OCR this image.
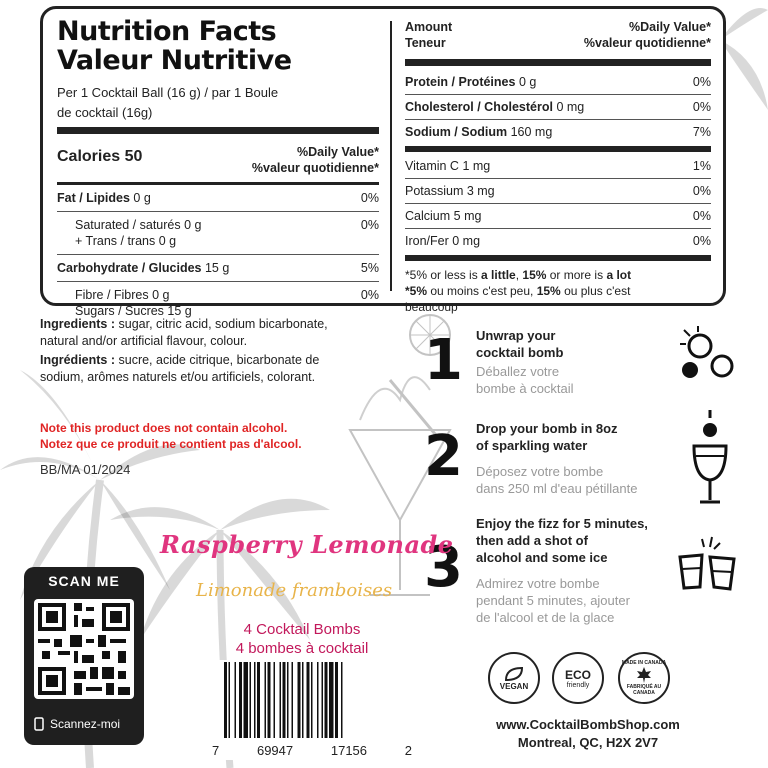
Nutrition Facts
Valeur Nutritive
Per 1 Cocktail Ball (16 g) / par 1 Boule
de cocktail (16g)
Calories 50	%Daily Value*
%valeur quotidienne*
Fat / Lipides 0 g	0%
Saturated / saturés 0 g	0%
+ Trans / trans 0 g
Carbohydrate / Glucides 15 g	5%
Fibre / Fibres 0 g	0%
Sugars / Sucres 15 g
Amount	%Daily Value*
Teneur	%valeur quotidienne*
Protein / Protéines 0 g	0%
Cholesterol / Cholestérol 0 mg	0%
Sodium / Sodium 160 mg	7%
Vitamin C 1 mg	1%
Potassium 3 mg	0%
Calcium 5 mg	0%
Iron/Fer 0 mg	0%
*5% or less is a little, 15% or more is a lot
*5% ou moins c'est peu, 15% ou plus c'est
beaucoup

Ingredients : sugar, citric acid, sodium bicarbonate, natural and/or artificial flavour, colour.

Ingrédients : sucre, acide citrique, bicarbonate de sodium, arômes naturels et/ou artificiels, colorant.

Note this product does not contain alcohol.
Notez que ce produit ne contient pas d'alcool.
BB/MA 01/2024
1 Unwrap your
cocktail bomb
Déballez votre
bombe à cocktail
2 Drop your bomb in 8oz
of sparkling water
Déposez votre bombe
dans 250 ml d'eau pétillante
3
Enjoy the fizz for 5 minutes,
then add a shot of
alcohol and some ice
Admirez votre bombe
pendant 5 minutes, ajouter
de l'alcool et de la glace
Raspberry Lemonade
Limonade framboises
4 Cocktail Bombs
4 bombes à cocktail
SCAN ME
Scannez-moi
7	69947	17156	2
VEGAN
ECO
friendly
MADE IN CANADA
FABRIQUÉ AU CANADA
www.CocktailBombShop.com
Montreal, QC, H2X 2V7
